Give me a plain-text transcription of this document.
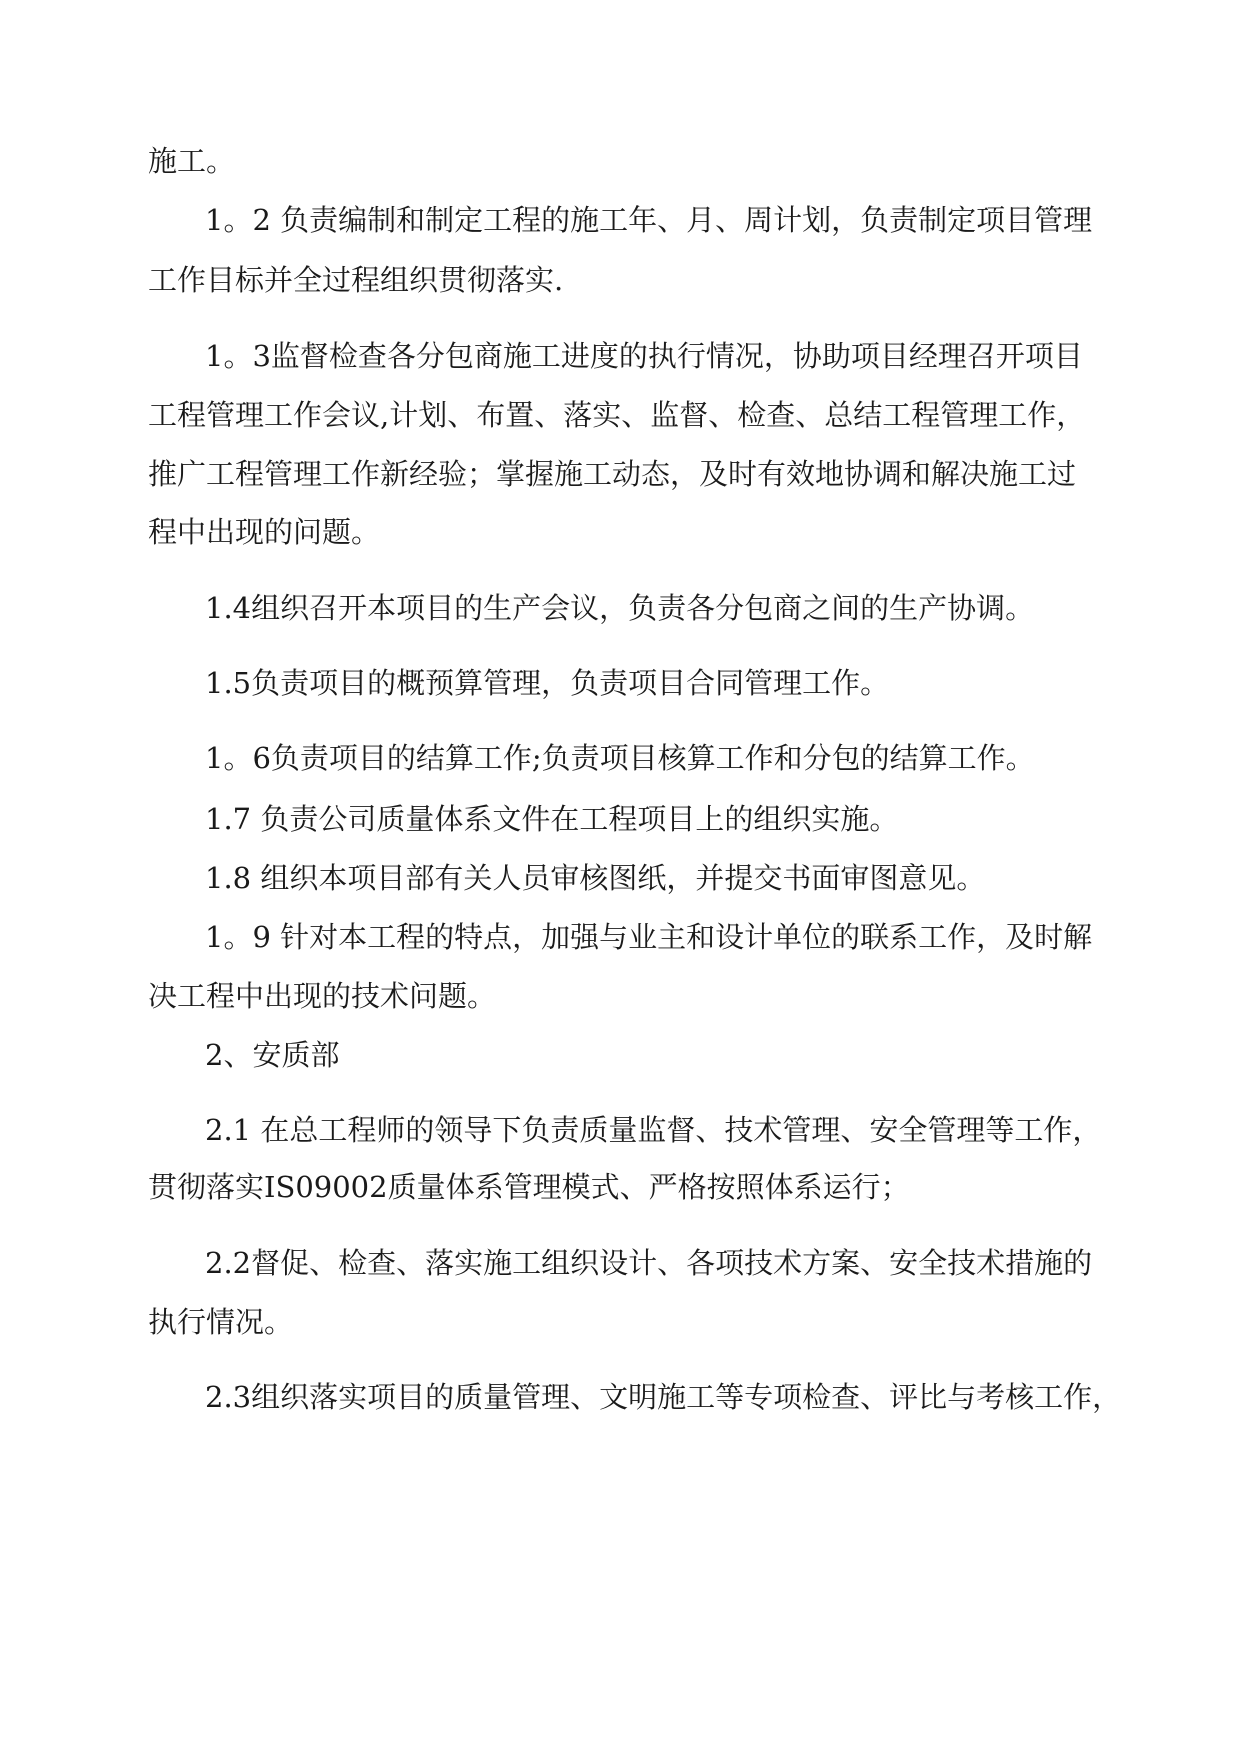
施工。
1。2 负责编制和制定工程的施工年、月、周计划，负责制定项目管理
工作目标并全过程组织贯彻落实.
1。3监督检查各分包商施工进度的执行情况，协助项目经理召开项目
工程管理工作会议,计划、布置、落实、监督、检查、总结工程管理工作，
推广工程管理工作新经验；掌握施工动态，及时有效地协调和解决施工过
程中出现的问题。
1.4组织召开本项目的生产会议，负责各分包商之间的生产协调。
1.5负责项目的概预算管理，负责项目合同管理工作。
1。6负责项目的结算工作;负责项目核算工作和分包的结算工作。
1.7 负责公司质量体系文件在工程项目上的组织实施。
1.8 组织本项目部有关人员审核图纸，并提交书面审图意见。
1。9 针对本工程的特点，加强与业主和设计单位的联系工作，及时解
决工程中出现的技术问题。
2、安质部
2.1 在总工程师的领导下负责质量监督、技术管理、安全管理等工作，
贯彻落实IS09002质量体系管理模式、严格按照体系运行；
2.2督促、检查、落实施工组织设计、各项技术方案、安全技术措施的
执行情况。
2.3组织落实项目的质量管理、文明施工等专项检查、评比与考核工作，
